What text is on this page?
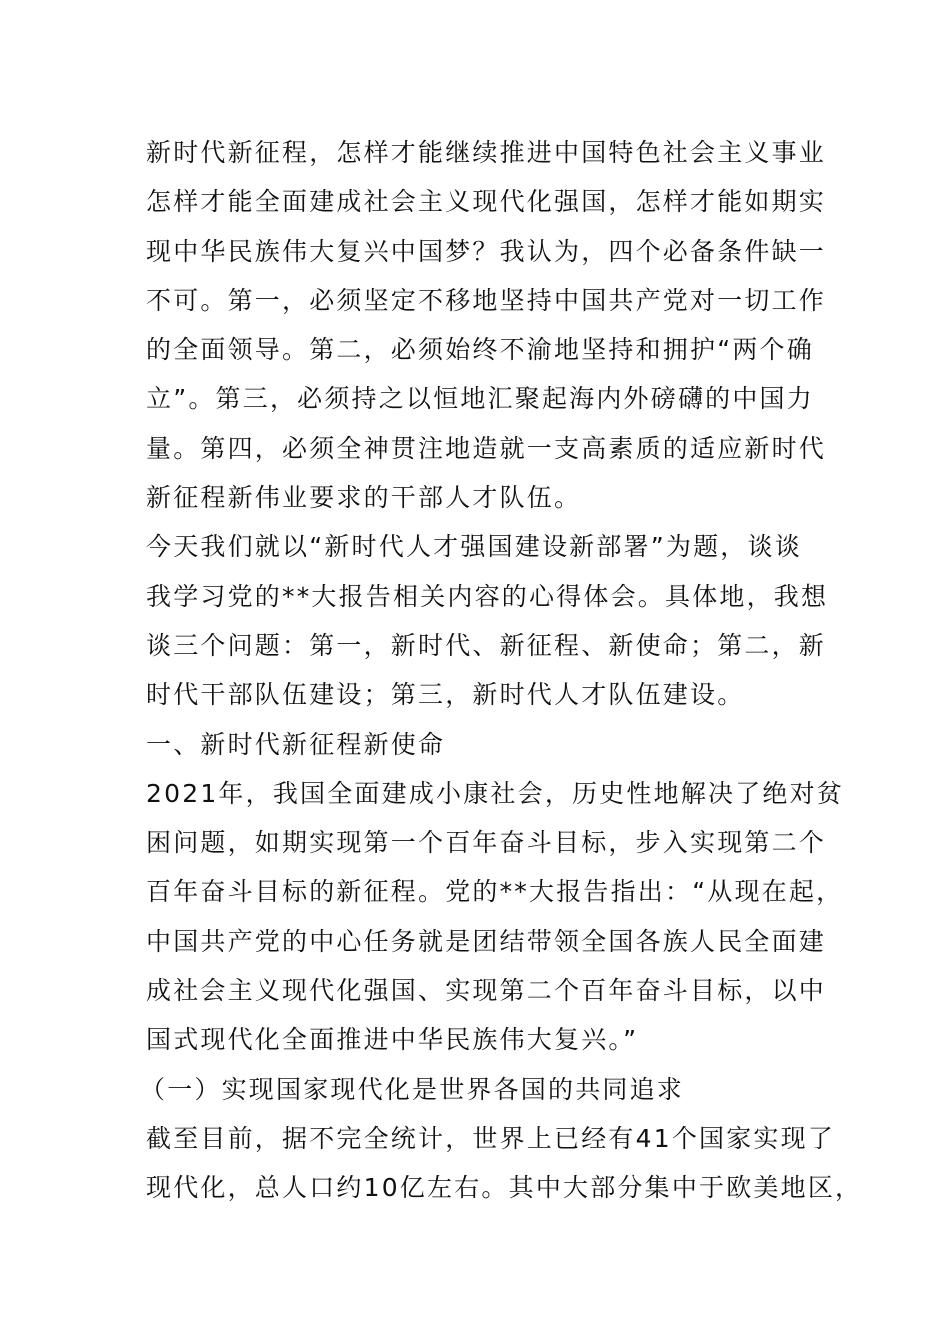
新时代新征程，怎样才能继续推进中国特色社会主义事业
怎样才能全面建成社会主义现代化强国，怎样才能如期实
现中华民族伟大复兴中国梦？我认为，四个必备条件缺一
不可。第一，必须坚定不移地坚持中国共产党对一切工作
的全面领导。第二，必须始终不渝地坚持和拥护“两个确
立”。第三，必须持之以恒地汇聚起海内外磅礴的中国力
量。第四，必须全神贯注地造就一支高素质的适应新时代
新征程新伟业要求的干部人才队伍。
今天我们就以“新时代人才强国建设新部署”为题，谈谈
我学习党的**大报告相关内容的心得体会。具体地，我想
谈三个问题：第一，新时代、新征程、新使命；第二，新
时代干部队伍建设；第三，新时代人才队伍建设。
一、新时代新征程新使命
2021年，我国全面建成小康社会，历史性地解决了绝对贫
困问题，如期实现第一个百年奋斗目标，步入实现第二个
百年奋斗目标的新征程。党的**大报告指出：“从现在起，
中国共产党的中心任务就是团结带领全国各族人民全面建
成社会主义现代化强国、实现第二个百年奋斗目标，以中
国式现代化全面推进中华民族伟大复兴。”
（一）实现国家现代化是世界各国的共同追求
截至目前，据不完全统计，世界上已经有41个国家实现了
现代化，总人口约10亿左右。其中大部分集中于欧美地区，
